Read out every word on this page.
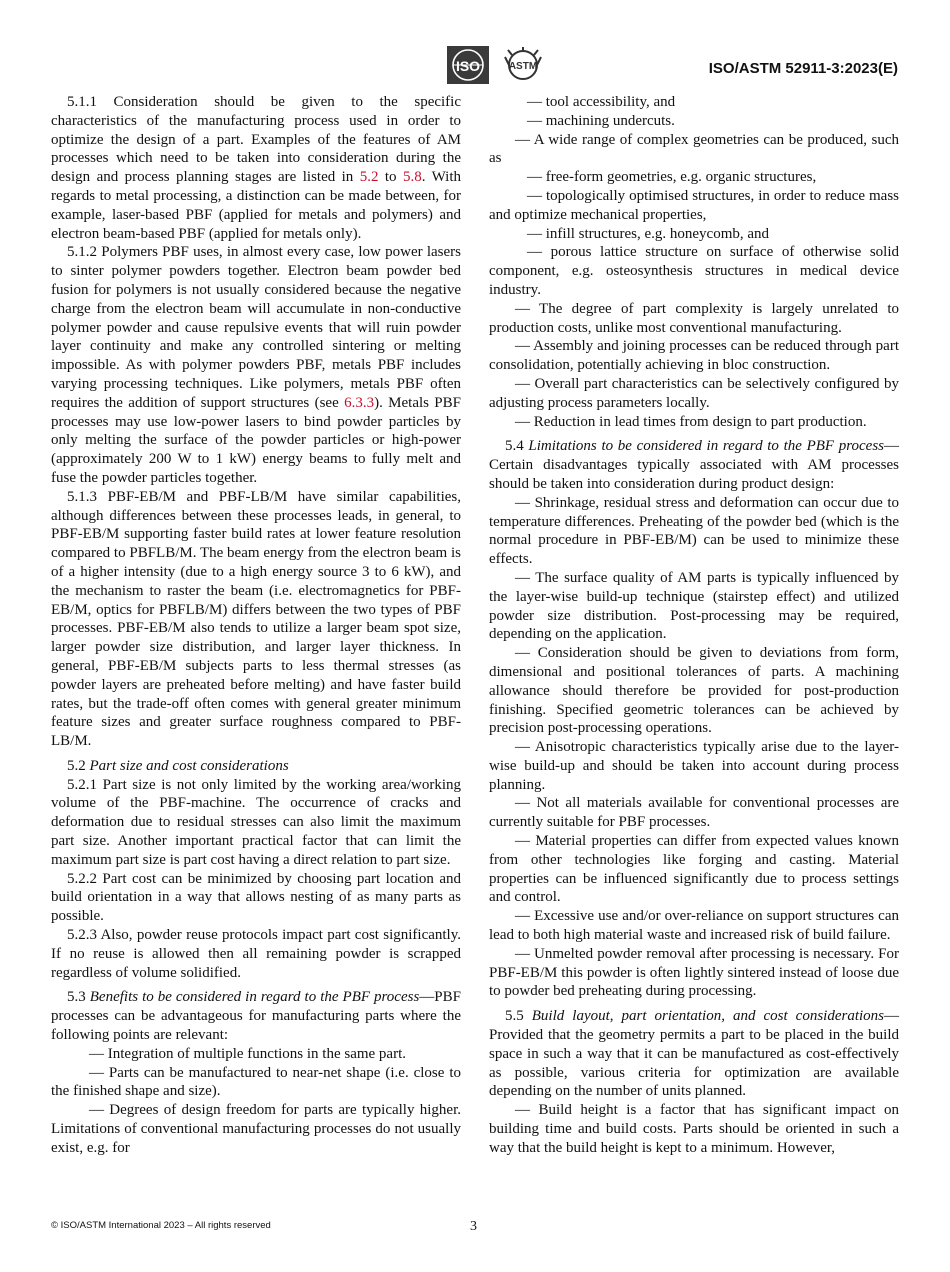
ISO	ASTM	ISO/ASTM 52911-3:2023(E)

5.1.1 Consideration should be given to the specific characteristics of the manufacturing process used in order to optimize the design of a part. Examples of the features of AM processes which need to be taken into consideration during the design and process planning stages are listed in 5.2 to 5.8. With regards to metal processing, a distinction can be made between, for example, laser-based PBF (applied for metals and polymers) and electron beam-based PBF (applied for metals only).

5.1.2 Polymers PBF uses, in almost every case, low power lasers to sinter polymer powders together. Electron beam powder bed fusion for polymers is not usually considered because the negative charge from the electron beam will accumulate in non-conductive polymer powder and cause repulsive events that will ruin powder layer continuity and make any controlled sintering or melting impossible. As with polymer powders PBF, metals PBF includes varying processing techniques. Like polymers, metals PBF often requires the addition of support structures (see 6.3.3). Metals PBF processes may use low-power lasers to bind powder particles by only melting the surface of the powder particles or high-power (approximately 200 W to 1 kW) energy beams to fully melt and fuse the powder particles together.

5.1.3 PBF-EB/M and PBF-LB/M have similar capabilities, although differences between these processes leads, in general, to PBF-EB/M supporting faster build rates at lower feature resolution compared to PBFLB/M. The beam energy from the electron beam is of a higher intensity (due to a high energy source 3 to 6 kW), and the mechanism to raster the beam (i.e. electromagnetics for PBF-EB/M, optics for PBFLB/M) differs between the two types of PBF processes. PBF-EB/M also tends to utilize a larger beam spot size, larger powder size distribution, and larger layer thickness. In general, PBF-EB/M subjects parts to less thermal stresses (as powder layers are preheated before melting) and have faster build rates, but the trade-off often comes with general greater minimum feature sizes and greater surface roughness compared to PBF-LB/M.

5.2 Part size and cost considerations

5.2.1 Part size is not only limited by the working area/working volume of the PBF-machine. The occurrence of cracks and deformation due to residual stresses can also limit the maximum part size. Another important practical factor that can limit the maximum part size is part cost having a direct relation to part size.

5.2.2 Part cost can be minimized by choosing part location and build orientation in a way that allows nesting of as many parts as possible.

5.2.3 Also, powder reuse protocols impact part cost significantly. If no reuse is allowed then all remaining powder is scrapped regardless of volume solidified.

5.3 Benefits to be considered in regard to the PBF process—PBF processes can be advantageous for manufacturing parts where the following points are relevant:

— Integration of multiple functions in the same part.

— Parts can be manufactured to near-net shape (i.e. close to the finished shape and size).

— Degrees of design freedom for parts are typically higher. Limitations of conventional manufacturing processes do not usually exist, e.g. for

— tool accessibility, and

— machining undercuts.

— A wide range of complex geometries can be produced, such as

— free-form geometries, e.g. organic structures,

— topologically optimised structures, in order to reduce mass and optimize mechanical properties,

— infill structures, e.g. honeycomb, and

— porous lattice structure on surface of otherwise solid component, e.g. osteosynthesis structures in medical device industry.

— The degree of part complexity is largely unrelated to production costs, unlike most conventional manufacturing.

— Assembly and joining processes can be reduced through part consolidation, potentially achieving in bloc construction.

— Overall part characteristics can be selectively configured by adjusting process parameters locally.

— Reduction in lead times from design to part production.

5.4 Limitations to be considered in regard to the PBF process—Certain disadvantages typically associated with AM processes should be taken into consideration during product design:

— Shrinkage, residual stress and deformation can occur due to temperature differences. Preheating of the powder bed (which is the normal procedure in PBF-EB/M) can be used to minimize these effects.

— The surface quality of AM parts is typically influenced by the layer-wise build-up technique (stairstep effect) and utilized powder size distribution. Post-processing may be required, depending on the application.

— Consideration should be given to deviations from form, dimensional and positional tolerances of parts. A machining allowance should therefore be provided for post-production finishing. Specified geometric tolerances can be achieved by precision post-processing operations.

— Anisotropic characteristics typically arise due to the layer-wise build-up and should be taken into account during process planning.

— Not all materials available for conventional processes are currently suitable for PBF processes.

— Material properties can differ from expected values known from other technologies like forging and casting. Material properties can be influenced significantly due to process settings and control.

— Excessive use and/or over-reliance on support structures can lead to both high material waste and increased risk of build failure.

— Unmelted powder removal after processing is necessary. For PBF-EB/M this powder is often lightly sintered instead of loose due to powder bed preheating during processing.

5.5 Build layout, part orientation, and cost considerations—Provided that the geometry permits a part to be placed in the build space in such a way that it can be manufactured as cost-effectively as possible, various criteria for optimization are available depending on the number of units planned.

— Build height is a factor that has significant impact on building time and build costs. Parts should be oriented in such a way that the build height is kept to a minimum. However,

© ISO/ASTM International 2023 – All rights reserved	3
